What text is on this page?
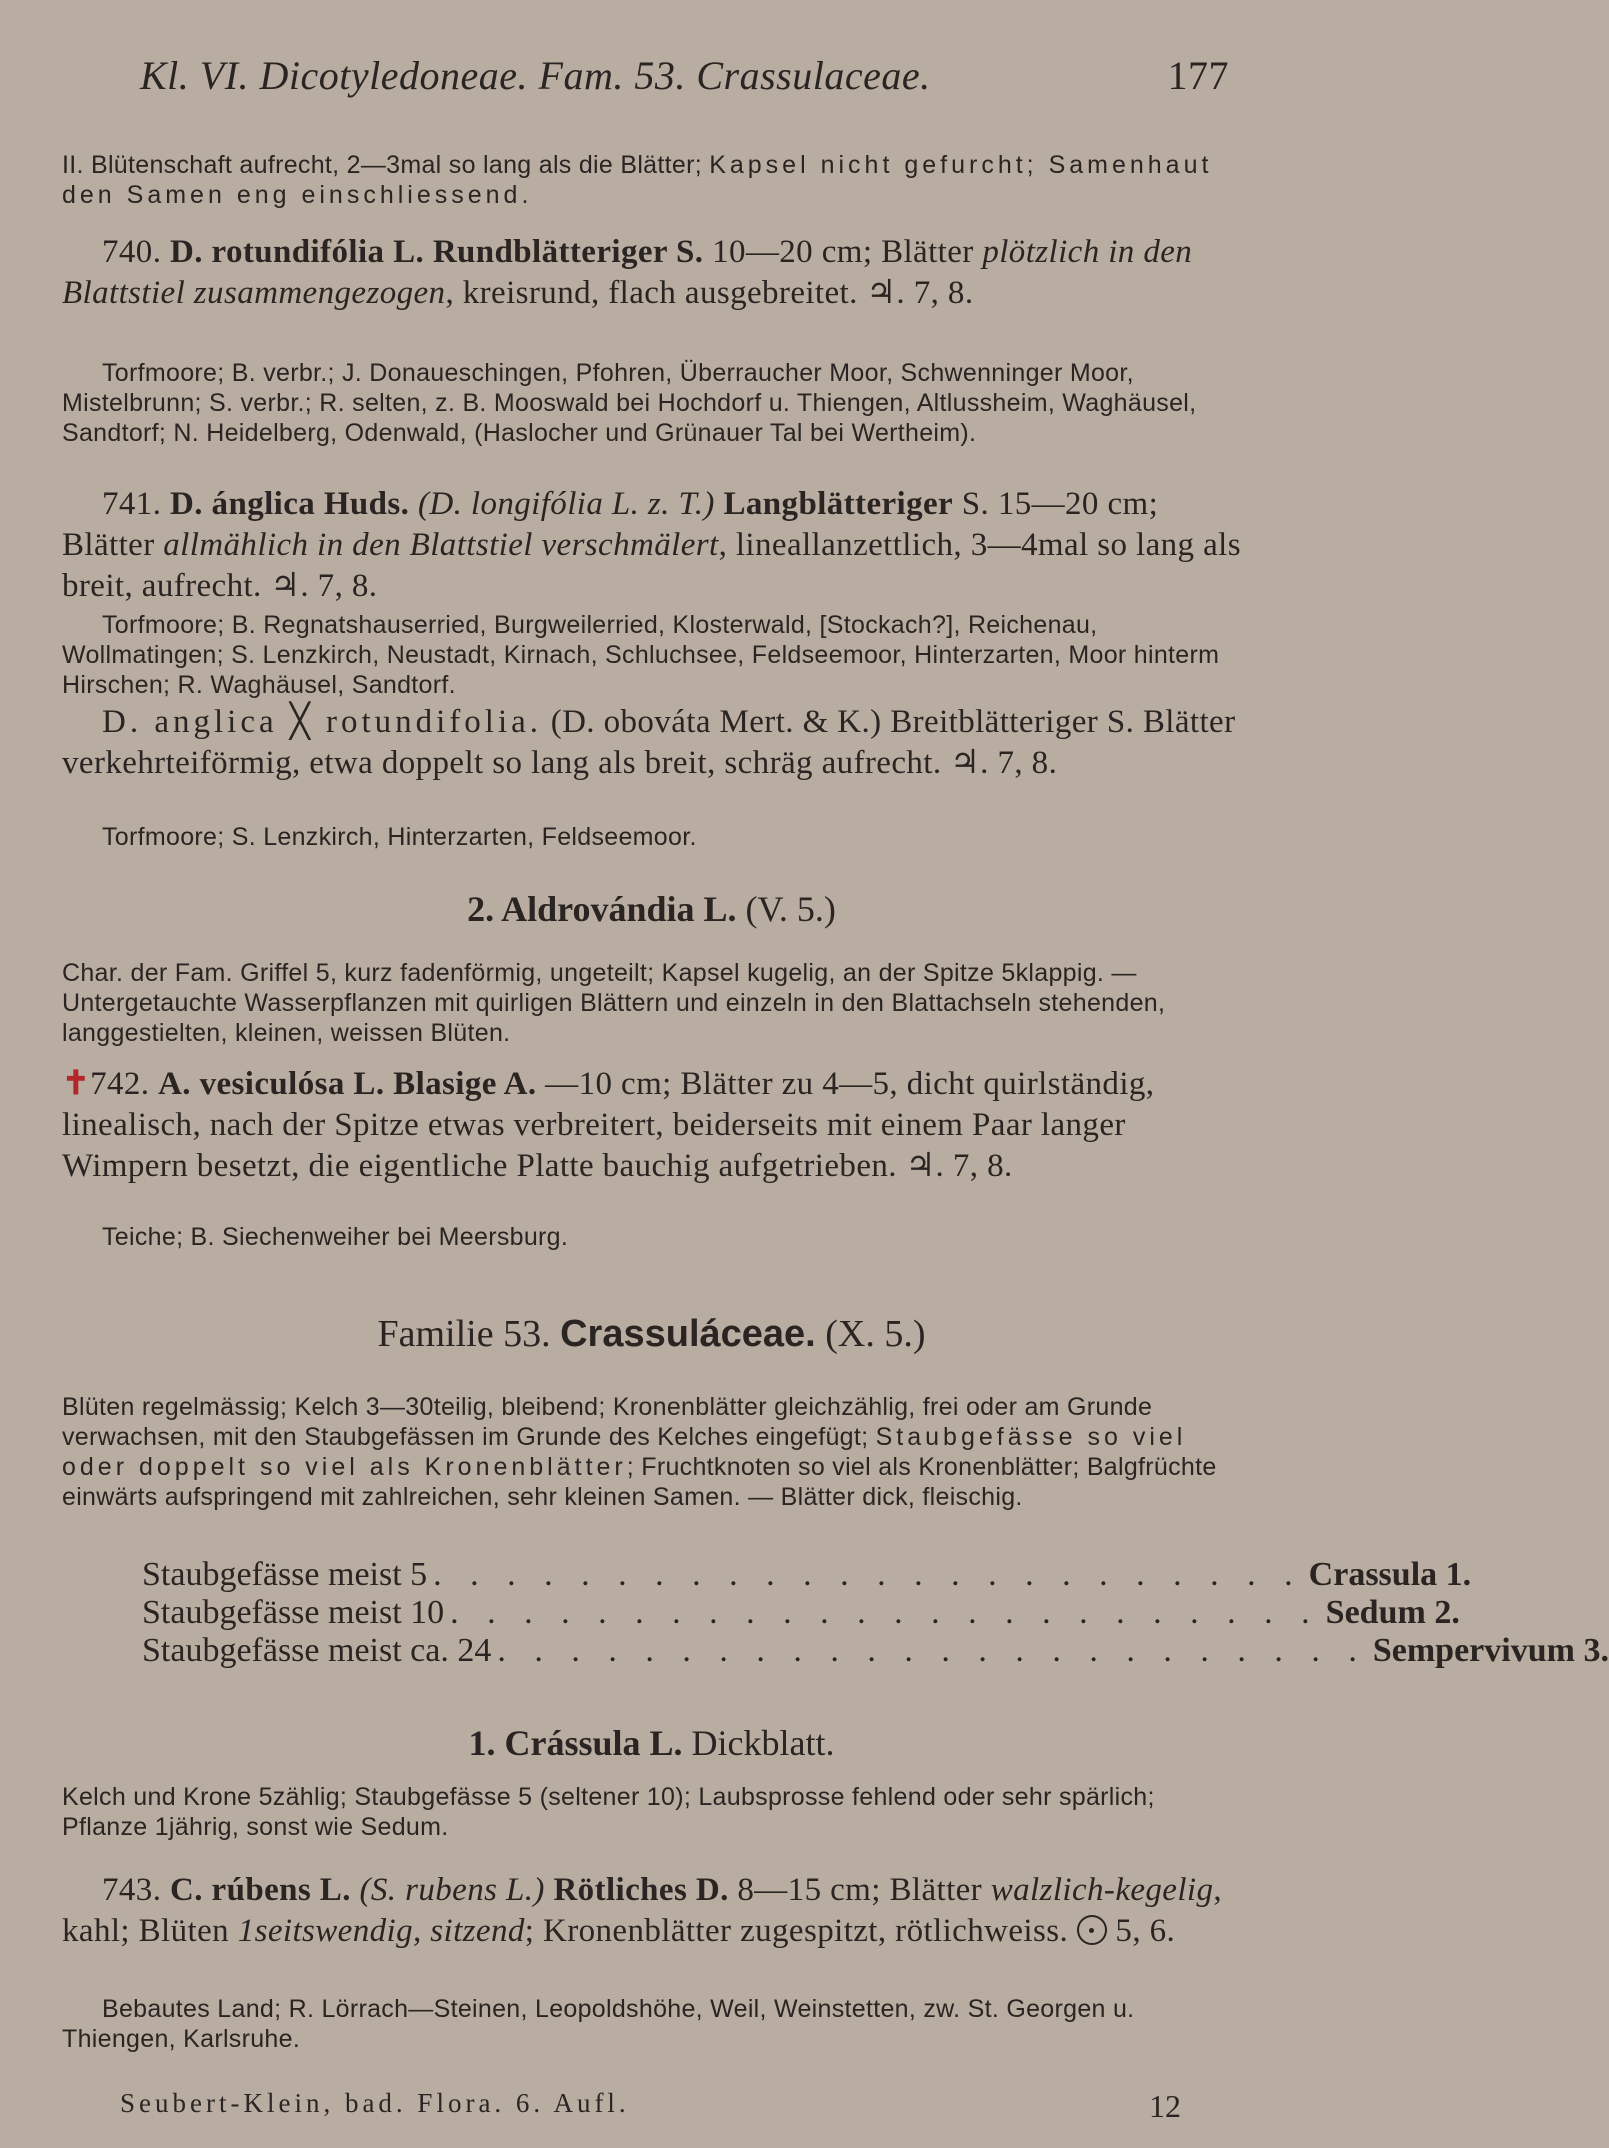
Kl. VI. Dicotyledoneae. Fam. 53. Crassulaceae.	177
II. Blütenschaft aufrecht, 2—3mal so lang als die Blätter; Kapsel nicht gefurcht; Samenhaut den Samen eng einschliessend.
740. D. rotundifólia L. Rundblätteriger S. 10—20 cm; Blätter plötzlich in den Blattstiel zusammengezogen, kreisrund, flach ausgebreitet. ♃. 7, 8.
Torfmoore; B. verbr.; J. Donaueschingen, Pfohren, Überraucher Moor, Schwenninger Moor, Mistelbrunn; S. verbr.; R. selten, z. B. Mooswald bei Hochdorf u. Thiengen, Altlussheim, Waghäusel, Sandtorf; N. Heidelberg, Odenwald, (Haslocher und Grünauer Tal bei Wertheim).
741. D. ánglica Huds. (D. longifólia L. z. T.) Langblätteriger S. 15—20 cm; Blätter allmählich in den Blattstiel verschmälert, lineallanzettlich, 3—4mal so lang als breit, aufrecht. ♃. 7, 8.
Torfmoore; B. Regnatshauserried, Burgweilerried, Klosterwald, [Stockach?], Reichenau, Wollmatingen; S. Lenzkirch, Neustadt, Kirnach, Schluchsee, Feldseemoor, Hinterzarten, Moor hinterm Hirschen; R. Waghäusel, Sandtorf.
D. anglica ╳ rotundifolia. (D. obováta Mert. & K.) Breitblätteriger S. Blätter verkehrteiförmig, etwa doppelt so lang als breit, schräg aufrecht. ♃. 7, 8.
Torfmoore; S. Lenzkirch, Hinterzarten, Feldseemoor.
2. Aldrovándia L. (V. 5.)
Char. der Fam. Griffel 5, kurz fadenförmig, ungeteilt; Kapsel kugelig, an der Spitze 5klappig. — Untergetauchte Wasserpflanzen mit quirligen Blättern und einzeln in den Blattachseln stehenden, langgestielten, kleinen, weissen Blüten.
✝742. A. vesiculósa L. Blasige A. —10 cm; Blätter zu 4—5, dicht quirlständig, linealisch, nach der Spitze etwas verbreitert, beiderseits mit einem Paar langer Wimpern besetzt, die eigentliche Platte bauchig aufgetrieben. ♃. 7, 8.
Teiche; B. Siechenweiher bei Meersburg.
Familie 53. Crassuláceae. (X. 5.)
Blüten regelmässig; Kelch 3—30teilig, bleibend; Kronenblätter gleichzählig, frei oder am Grunde verwachsen, mit den Staubgefässen im Grunde des Kelches eingefügt; Staubgefässe so viel oder doppelt so viel als Kronenblätter; Fruchtknoten so viel als Kronenblätter; Balgfrüchte einwärts aufspringend mit zahlreichen, sehr kleinen Samen. — Blätter dick, fleischig.
Staubgefässe meist 5 . . . . . . . . . . . . . . . . . . . . . . . . Crassula 1.
Staubgefässe meist 10 . . . . . . . . . . . . . . . . . . . . . . . . Sedum 2.
Staubgefässe meist ca. 24 . . . . . . . . . . . . . . . . . . . . . . . . Sempervivum 3.
1. Crássula L. Dickblatt.
Kelch und Krone 5zählig; Staubgefässe 5 (seltener 10); Laubsprosse fehlend oder sehr spärlich; Pflanze 1jährig, sonst wie Sedum.
743. C. rúbens L. (S. rubens L.) Rötliches D. 8—15 cm; Blätter walzlich-kegelig, kahl; Blüten 1seitswendig, sitzend; Kronenblätter zugespitzt, rötlichweiss. 5, 6.
Bebautes Land; R. Lörrach—Steinen, Leopoldshöhe, Weil, Weinstetten, zw. St. Georgen u. Thiengen, Karlsruhe.
Seubert-Klein, bad. Flora. 6. Aufl.	12
